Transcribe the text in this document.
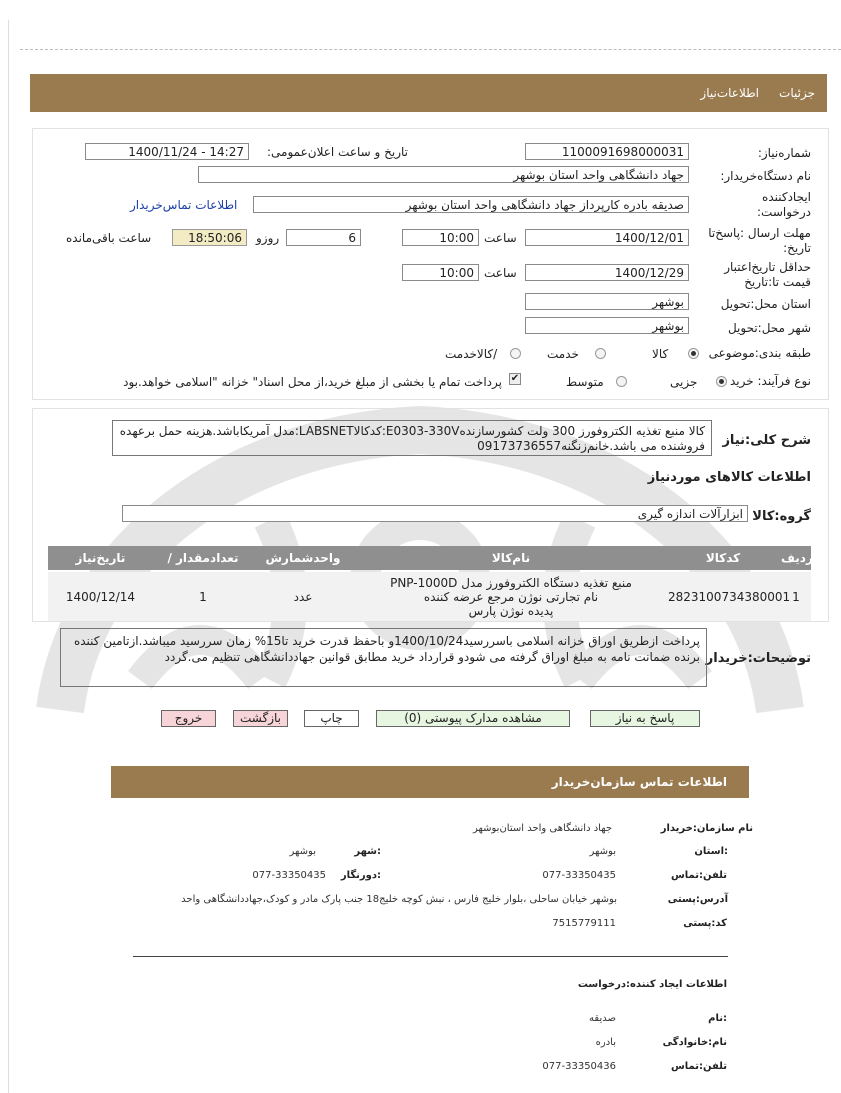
جزئیات
اطلاعات‌نیاز
شماره‌نیاز:
1100091698000031
تاریخ و ساعت اعلان‌عمومی:
1400/11/24 - 14:27
نام دستگاه‌خریدار:
جهاد دانشگاهی واحد استان بوشهر
ایجادکننده
درخواست:
صدیقه بادره کارپرداز جهاد دانشگاهی واحد استان بوشهر
اطلاعات تماس‌خریدار
مهلت ارسال :پاسخ‌تا
تاریخ:
1400/12/01
ساعت
10:00
6
روزو
18:50:06
ساعت باقی‌مانده
حداقل تاریخ‌اعتبار
قیمت تا:تاریخ
1400/12/29
ساعت
10:00
استان محل:تحویل
بوشهر
شهر محل:تحویل
بوشهر
طبقه بندی:موضوعی
کالا
خدمت
/کالاخدمت
نوع فرآیند: خرید
جزیی
متوسط
✔
پرداخت تمام یا بخشی از مبلغ خرید،از محل اسناد" خزانه "اسلامی خواهد.بود
شرح کلی:نیاز
کالا منبع تغذیه الکتروفورز 300 ولت کشورسازندهE0303-330V:کدکالاLABSNET:مدل آمریکاباشد.هزینه حمل برعهده فروشنده می باشد.خانم‌زنگنه09173736557
اطلاعات کالاهای موردنیاز
گروه:کالا
ابزارآلات اندازه گیری
ردیف
کدکالا
نام‌کالا
واحدشمارش
/ تعدادمقدار
تاریخ‌نیاز
1
2823100734380001
منبع تغذیه دستگاه الکتروفورز مدل PNP-1000D
نام تجارتی نوژن مرجع عرضه کننده
پدیده نوژن پارس
عدد
1
1400/12/14
توضیحات:خریدار
پرداخت ازطریق اوراق خزانه اسلامی باسررسید1400/10/24و باحفظ قدرت خرید تا15% زمان سررسید میباشد.ازتامین کننده برنده ضمانت نامه به مبلغ اوراق گرفته می شودو قرارداد خرید مطابق قوانین جهاددانشگاهی تنظیم می.گردد
پاسخ به نیاز
مشاهده مدارک پیوستی (0)
چاپ
بازگشت
خروج
اطلاعات تماس سازمان‌خریدار
نام سازمان:خریدار
جهاد دانشگاهی واحد استان‌بوشهر
:استان
بوشهر
:شهر
بوشهر
تلفن:تماس
077-33350435
:دورنگار
077-33350435
آدرس:پستی
بوشهر خیابان ساحلی ،بلوار خلیج فارس ، نبش کوچه خلیج18 جنب پارک مادر و کودک،جهاددانشگاهی واحد
کد:پستی
7515779111
اطلاعات ایجاد کننده:درخواست
:نام
صدیقه
نام:خانوادگی
بادره
تلفن:تماس
077-33350436
